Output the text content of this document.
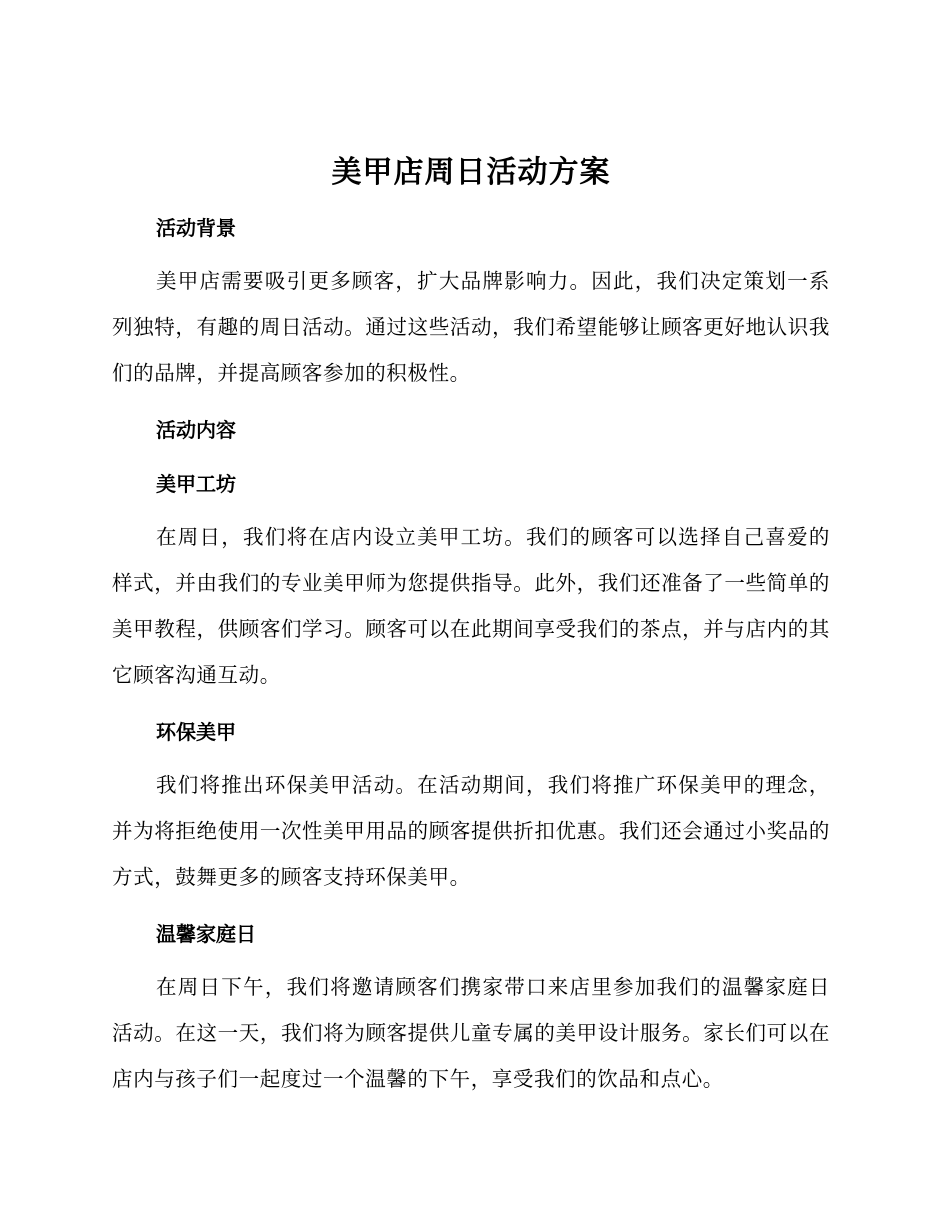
美甲店周日活动方案
活动背景

美甲店需要吸引更多顾客，扩大品牌影响力。因此，我们决定策划一系列独特，有趣的周日活动。通过这些活动，我们希望能够让顾客更好地认识我们的品牌，并提高顾客参加的积极性。

活动内容
美甲工坊

在周日，我们将在店内设立美甲工坊。我们的顾客可以选择自己喜爱的样式，并由我们的专业美甲师为您提供指导。此外，我们还准备了一些简单的美甲教程，供顾客们学习。顾客可以在此期间享受我们的茶点，并与店内的其它顾客沟通互动。

环保美甲

我们将推出环保美甲活动。在活动期间，我们将推广环保美甲的理念，并为将拒绝使用一次性美甲用品的顾客提供折扣优惠。我们还会通过小奖品的方式，鼓舞更多的顾客支持环保美甲。

温馨家庭日

在周日下午，我们将邀请顾客们携家带口来店里参加我们的温馨家庭日活动。在这一天，我们将为顾客提供儿童专属的美甲设计服务。家长们可以在店内与孩子们一起度过一个温馨的下午，享受我们的饮品和点心。
